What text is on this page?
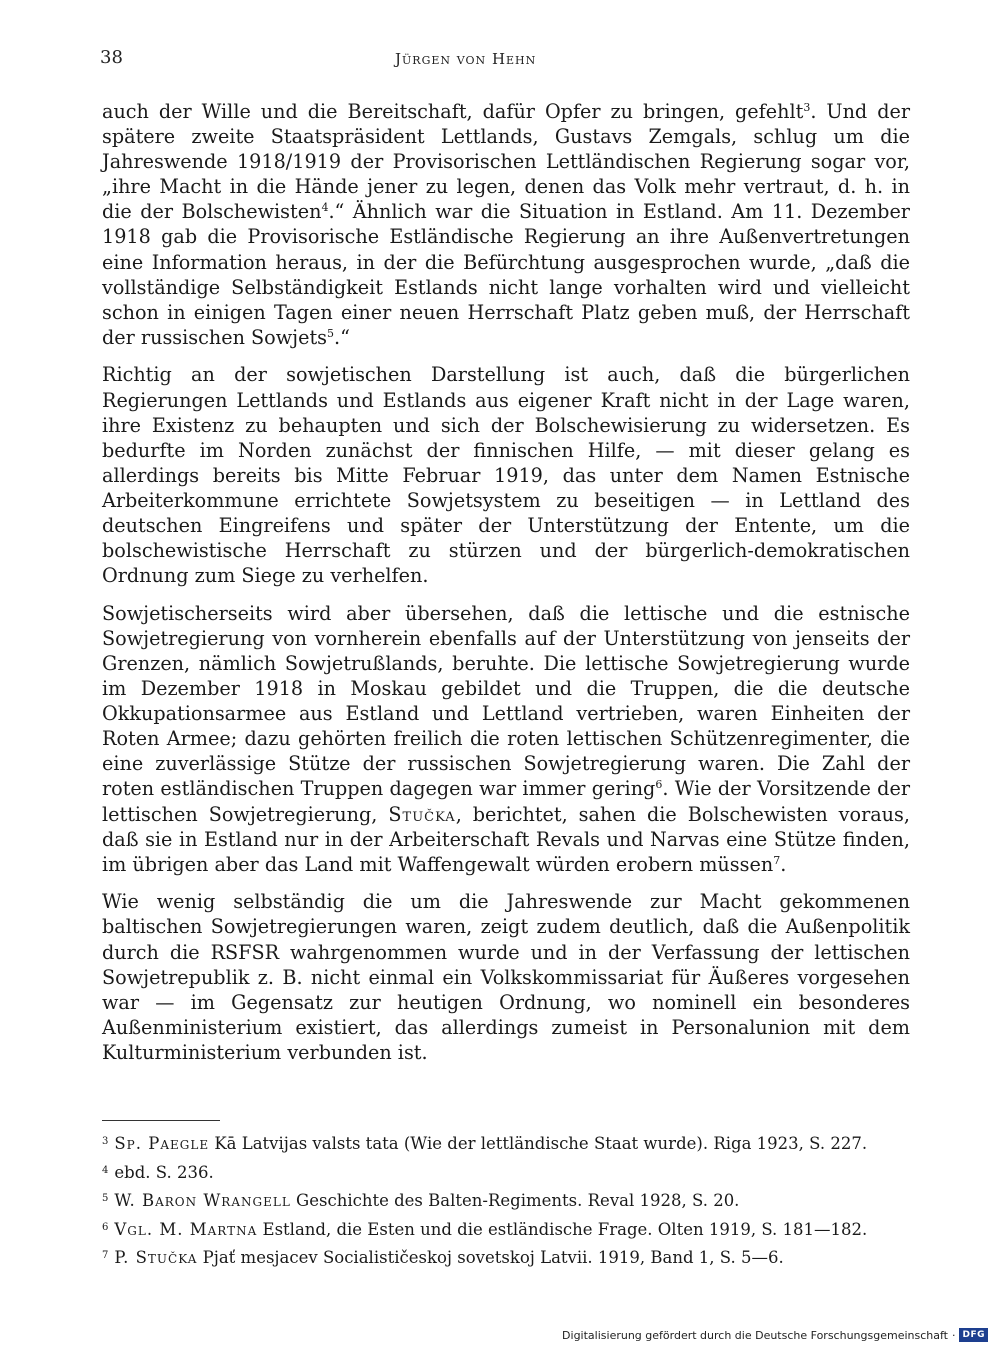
38	Jürgen von Hehn

auch der Wille und die Bereitschaft, dafür Opfer zu bringen, gefehlt$^3$. Und der spätere zweite Staatspräsident Lettlands, Gustavs Zemgals, schlug um die Jahreswende 1918/1919 der Provisorischen Lettländischen Regierung sogar vor, „ihre Macht in die Hände jener zu legen, denen das Volk mehr vertraut, d. h. in die der Bolschewisten$^4$.“ Ähnlich war die Situation in Estland. Am 11. Dezember 1918 gab die Provisorische Estländische Regierung an ihre Außenvertretungen eine Information heraus, in der die Befürchtung ausgesprochen wurde, „daß die vollständige Selbständigkeit Estlands nicht lange vorhalten wird und vielleicht schon in einigen Tagen einer neuen Herrschaft Platz geben muß, der Herrschaft der russischen Sowjets$^5$.“

Richtig an der sowjetischen Darstellung ist auch, daß die bürgerlichen Regierungen Lettlands und Estlands aus eigener Kraft nicht in der Lage waren, ihre Existenz zu behaupten und sich der Bolschewisierung zu widersetzen. Es bedurfte im Norden zunächst der finnischen Hilfe, — mit dieser gelang es allerdings bereits bis Mitte Februar 1919, das unter dem Namen Estnische Arbeiterkommune errichtete Sowjetsystem zu beseitigen — in Lettland des deutschen Eingreifens und später der Unterstützung der Entente, um die bolschewistische Herrschaft zu stürzen und der bürgerlich-demokratischen Ordnung zum Siege zu verhelfen.

Sowjetischerseits wird aber übersehen, daß die lettische und die estnische Sowjetregierung von vornherein ebenfalls auf der Unterstützung von jenseits der Grenzen, nämlich Sowjetrußlands, beruhte. Die lettische Sowjetregierung wurde im Dezember 1918 in Moskau gebildet und die Truppen, die die deutsche Okkupationsarmee aus Estland und Lettland vertrieben, waren Einheiten der Roten Armee; dazu gehörten freilich die roten lettischen Schützenregimenter, die eine zuverlässige Stütze der russischen Sowjetregierung waren. Die Zahl der roten estländischen Truppen dagegen war immer gering$^6$. Wie der Vorsitzende der lettischen Sowjetregierung, Stučka, berichtet, sahen die Bolschewisten voraus, daß sie in Estland nur in der Arbeiterschaft Revals und Narvas eine Stütze finden, im übrigen aber das Land mit Waffengewalt würden erobern müssen$^7$.

Wie wenig selbständig die um die Jahreswende zur Macht gekommenen baltischen Sowjetregierungen waren, zeigt zudem deutlich, daß die Außenpolitik durch die RSFSR wahrgenommen wurde und in der Verfassung der lettischen Sowjetrepublik z. B. nicht einmal ein Volkskommissariat für Äußeres vorgesehen war — im Gegensatz zur heutigen Ordnung, wo nominell ein besonderes Außenministerium existiert, das allerdings zumeist in Personalunion mit dem Kulturministerium verbunden ist.

$^3$ Sp. Paegle Kā Latvijas valsts tata (Wie der lettländische Staat wurde). Riga 1923, S. 227.

$^4$ ebd. S. 236.

$^5$ W. Baron Wrangell Geschichte des Balten-Regiments. Reval 1928, S. 20.

$^6$ Vgl. M. Martna Estland, die Esten und die estländische Frage. Olten 1919, S. 181—182.

$^7$ P. Stučka Pjať mesjacev Socialističeskoj sovetskoj Latvii. 1919, Band 1, S. 5—6.

Digitalisierung gefördert durch die Deutsche Forschungsgemeinschaft · DFG
